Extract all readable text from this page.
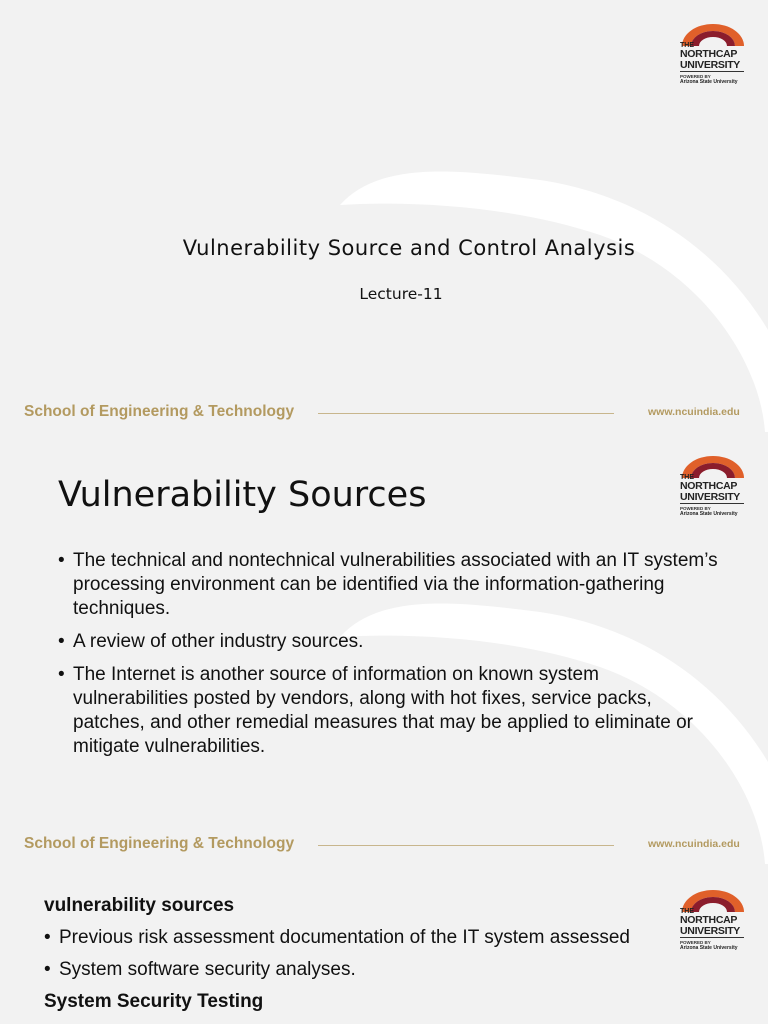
THE
NORTHCAP
UNIVERSITY
POWERED BY
Arizona State University
Vulnerability Source and Control Analysis
Lecture-11
School of Engineering & Technology	www.ncuindia.edu
THE
NORTHCAP
UNIVERSITY
POWERED BY
Arizona State University
School of Engineering & Technology	www.ncuindia.edu
Vulnerability Sources
• The technical and nontechnical vulnerabilities associated with an IT system’s processing environment can be identified via the information-gathering techniques.
• A review of other industry sources.
• The Internet is another source of information on known system vulnerabilities posted by vendors, along with hot fixes, service packs, patches, and other remedial measures that may be applied to eliminate or mitigate vulnerabilities.
THE
NORTHCAP
UNIVERSITY
POWERED BY
Arizona State University
vulnerability sources
• Previous risk assessment documentation of the IT system assessed
• System software security analyses.
System Security Testing
